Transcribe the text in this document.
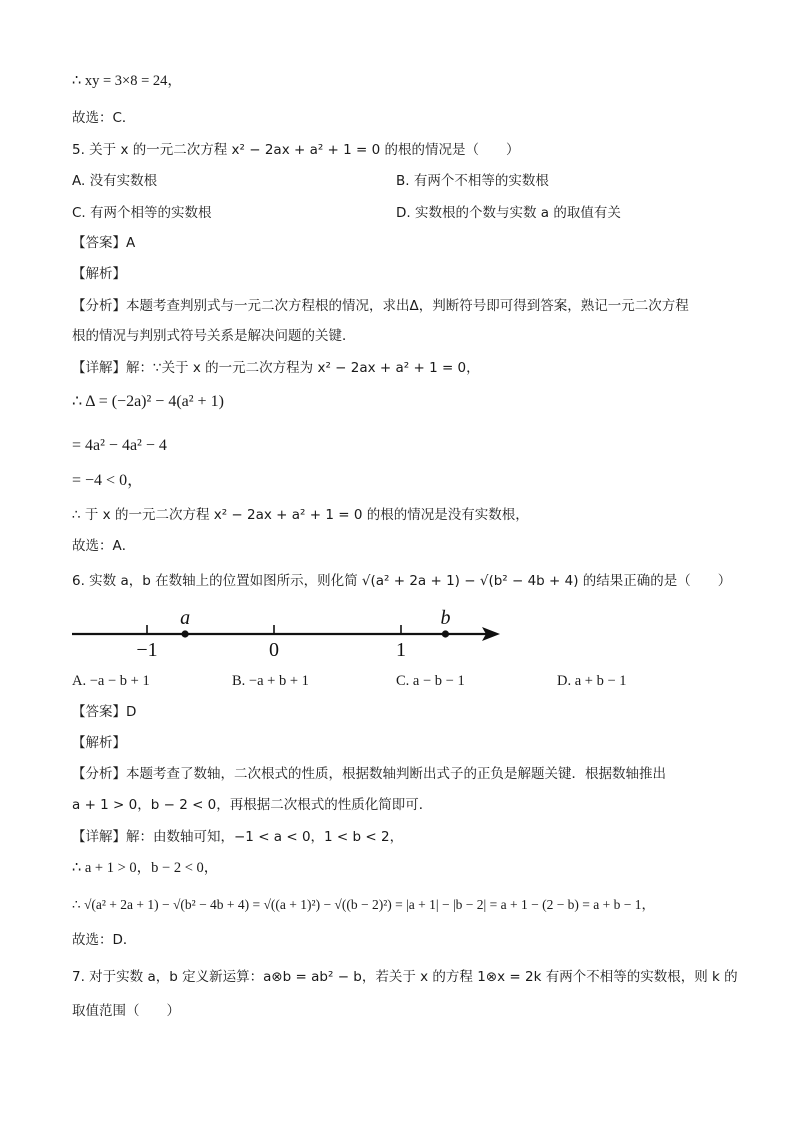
∴ xy = 3×8 = 24，
故选：C．
5. 关于 x 的一元二次方程 x² − 2ax + a² + 1 = 0 的根的情况是（　　）
A. 没有实数根	B. 有两个不相等的实数根
C. 有两个相等的实数根	D. 实数根的个数与实数 a 的取值有关
【答案】A
【解析】
【分析】本题考查判别式与一元二次方程根的情况，求出Δ，判断符号即可得到答案，熟记一元二次方程
根的情况与判别式符号关系是解决问题的关键．
【详解】解：∵关于 x 的一元二次方程为 x² − 2ax + a² + 1 = 0，
∴ Δ = (−2a)² − 4(a² + 1)
= 4a² − 4a² − 4
= −4 < 0，
∴ 于 x 的一元二次方程 x² − 2ax + a² + 1 = 0 的根的情况是没有实数根，
故选：A．
6. 实数 a，b 在数轴上的位置如图所示，则化简 √(a² + 2a + 1) − √(b² − 4b + 4) 的结果正确的是（　　）
−1	0	1
a	b
A. −a − b + 1	B. −a + b + 1	C. a − b − 1	D. a + b − 1
【答案】D
【解析】
【分析】本题考查了数轴，二次根式的性质，根据数轴判断出式子的正负是解题关键．根据数轴推出
a + 1 > 0，b − 2 < 0，再根据二次根式的性质化简即可．
【详解】解：由数轴可知，−1 < a < 0，1 < b < 2，
∴ a + 1 > 0，b − 2 < 0，
∴ √(a² + 2a + 1) − √(b² − 4b + 4) = √((a + 1)²) − √((b − 2)²) = |a + 1| − |b − 2| = a + 1 − (2 − b) = a + b − 1，
故选：D．
7. 对于实数 a，b 定义新运算：a⊗b = ab² − b，若关于 x 的方程 1⊗x = 2k 有两个不相等的实数根，则 k 的
取值范围（　　）
